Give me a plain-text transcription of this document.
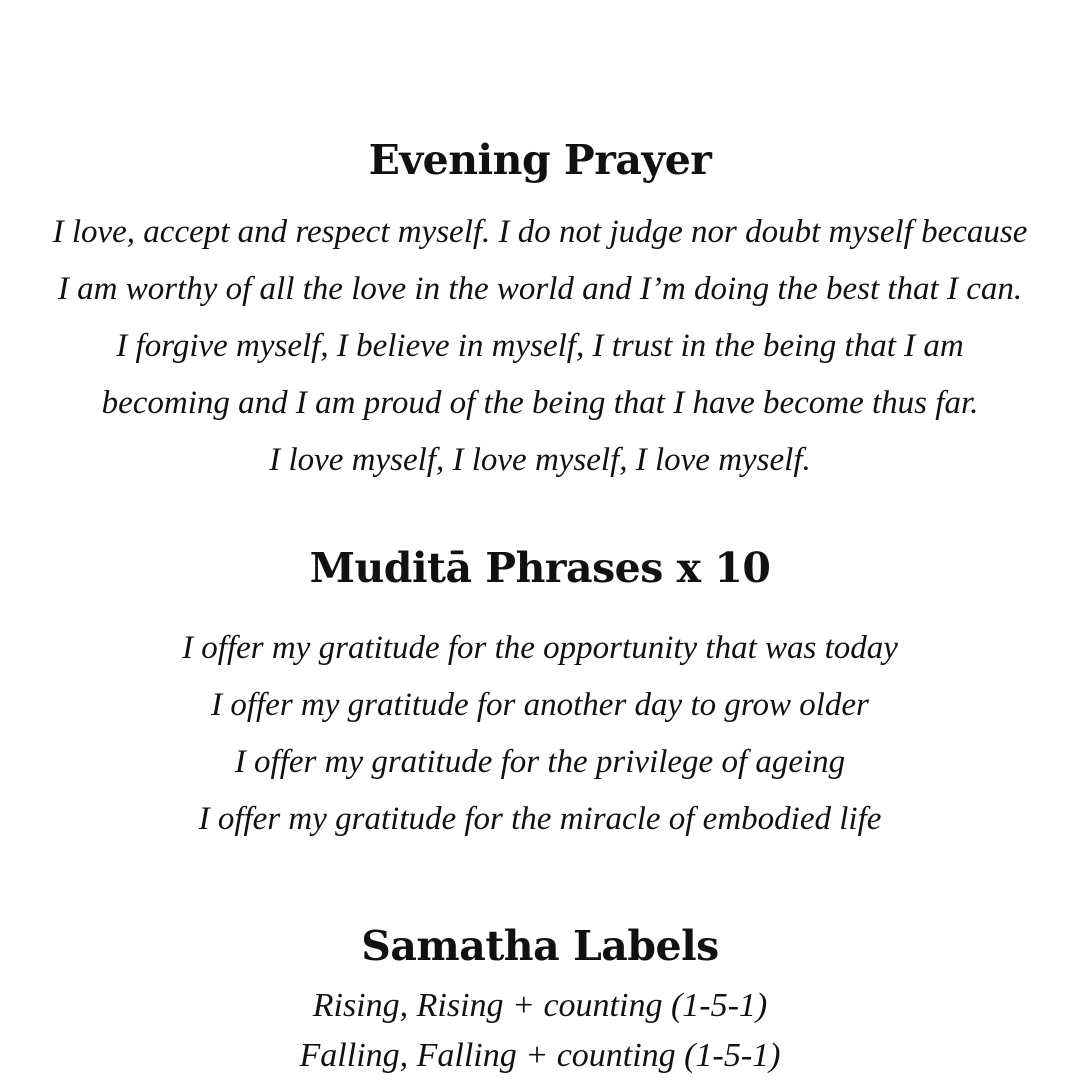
Evening Prayer
I love, accept and respect myself. I do not judge nor doubt myself because
I am worthy of all the love in the world and I’m doing the best that I can.
I forgive myself, I believe in myself, I trust in the being that I am
becoming and I am proud of the being that I have become thus far.
I love myself, I love myself, I love myself.
Muditā Phrases x 10
I offer my gratitude for the opportunity that was today
I offer my gratitude for another day to grow older
I offer my gratitude for the privilege of ageing
I offer my gratitude for the miracle of embodied life
Samatha Labels
Rising, Rising + counting (1-5-1)
Falling, Falling + counting (1-5-1)
